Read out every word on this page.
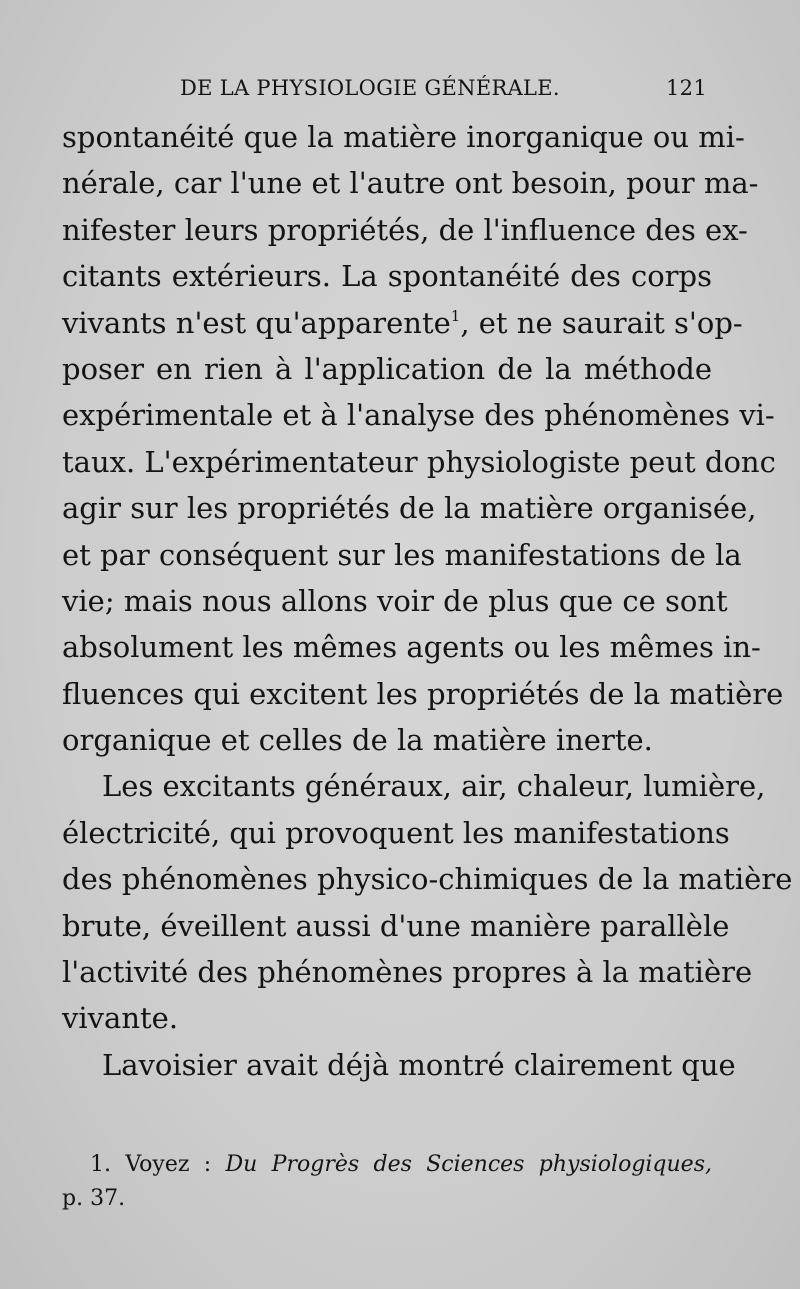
DE LA PHYSIOLOGIE GÉNÉRALE.	121
spontanéité que la matière inorganique ou mi-
nérale, car l'une et l'autre ont besoin, pour ma-
nifester leurs propriétés, de l'influence des ex-
citants extérieurs. La spontanéité des corps
vivants n'est qu'apparente$^1$, et ne saurait s'op-
poser en rien à l'application de la méthode
expérimentale et à l'analyse des phénomènes vi-
taux. L'expérimentateur physiologiste peut donc
agir sur les propriétés de la matière organisée,
et par conséquent sur les manifestations de la
vie; mais nous allons voir de plus que ce sont
absolument les mêmes agents ou les mêmes in-
fluences qui excitent les propriétés de la matière
organique et celles de la matière inerte.
Les excitants généraux, air, chaleur, lumière,
électricité, qui provoquent les manifestations
des phénomènes physico-chimiques de la matière
brute, éveillent aussi d'une manière parallèle
l'activité des phénomènes propres à la matière
vivante.
Lavoisier avait déjà montré clairement que
1. Voyez : Du Progrès des Sciences physiologiques,
p. 37.
